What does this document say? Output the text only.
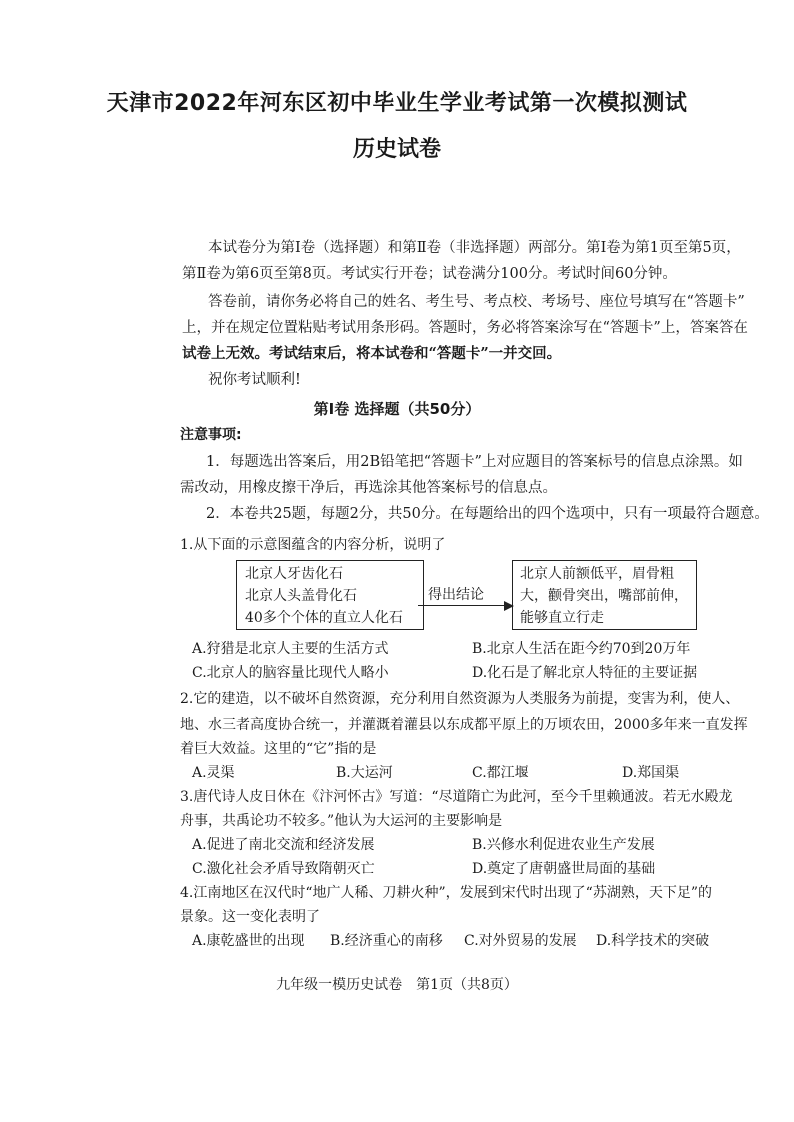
天津市2022年河东区初中毕业生学业考试第一次模拟测试
历史试卷
本试卷分为第Ⅰ卷（选择题）和第Ⅱ卷（非选择题）两部分。第Ⅰ卷为第1页至第5页，
第Ⅱ卷为第6页至第8页。考试实行开卷；试卷满分100分。考试时间60分钟。
答卷前，请你务必将自己的姓名、考生号、考点校、考场号、座位号填写在“答题卡”
上，并在规定位置粘贴考试用条形码。答题时，务必将答案涂写在“答题卡”上，答案答在
试卷上无效。考试结束后，将本试卷和“答题卡”一并交回。
祝你考试顺利!
第Ⅰ卷 选择题（共50分）
注意事项:
1．每题选出答案后，用2B铅笔把“答题卡”上对应题目的答案标号的信息点涂黑。如
需改动，用橡皮擦干净后，再选涂其他答案标号的信息点。
2．本卷共25题，每题2分，共50分。在每题给出的四个选项中，只有一项最符合题意。
1.从下面的示意图蕴含的内容分析，说明了
北京人牙齿化石
北京人头盖骨化石
40多个个体的直立人化石
得出结论
北京人前额低平，眉骨粗
大，颧骨突出，嘴部前伸，
能够直立行走
A.狩猎是北京人主要的生活方式	B.北京人生活在距今约70到20万年
C.北京人的脑容量比现代人略小	D.化石是了解北京人特征的主要证据
2.它的建造，以不破坏自然资源，充分利用自然资源为人类服务为前提，变害为利，使人、
地、水三者高度协合统一，并灌溉着灌县以东成都平原上的万顷农田，2000多年来一直发挥
着巨大效益。这里的“它”指的是
A.灵渠	B.大运河	C.都江堰	D.郑国渠
3.唐代诗人皮日休在《汴河怀古》写道：“尽道隋亡为此河，至今千里赖通波。若无水殿龙
舟事，共禹论功不较多。”他认为大运河的主要影响是
A.促进了南北交流和经济发展	B.兴修水利促进农业生产发展
C.激化社会矛盾导致隋朝灭亡	D.奠定了唐朝盛世局面的基础
4.江南地区在汉代时“地广人稀、刀耕火种”，发展到宋代时出现了“苏湖熟，天下足”的
景象。这一变化表明了
A.康乾盛世的出现 B.经济重心的南移 C.对外贸易的发展 D.科学技术的突破
九年级一模历史试卷　第1页（共8页）
